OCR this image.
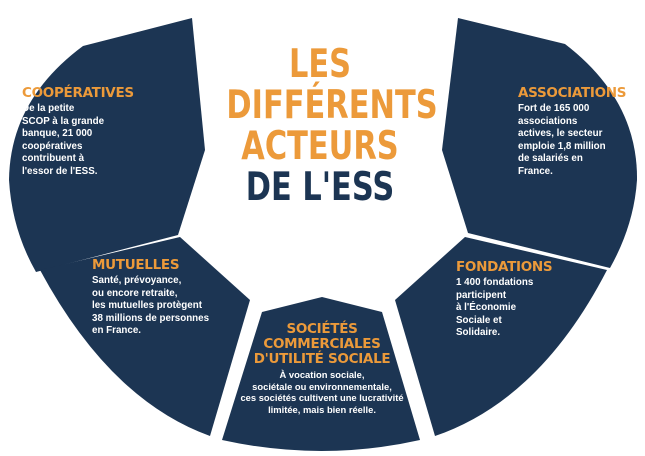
LES
DIFFÉRENTS
ACTEURS
DE L'ESS
COOPÉRATIVES

De la petite
SCOP à la grande
banque, 21 000
coopératives
contribuent à
l'essor de l'ESS.

ASSOCIATIONS

Fort de 165 000
associations
actives, le secteur
emploie 1,8 million
de salariés en
France.

MUTUELLES

Santé, prévoyance,
ou encore retraite,
les mutuelles protègent
38 millions de personnes
en France.

FONDATIONS

1 400 fondations
participent
à l'Économie
Sociale et
Solidaire.

SOCIÉTÉS
COMMERCIALES
D'UTILITÉ SOCIALE

À vocation sociale,
sociétale ou environnementale,
ces sociétés cultivent une lucrativité
limitée, mais bien réelle.
